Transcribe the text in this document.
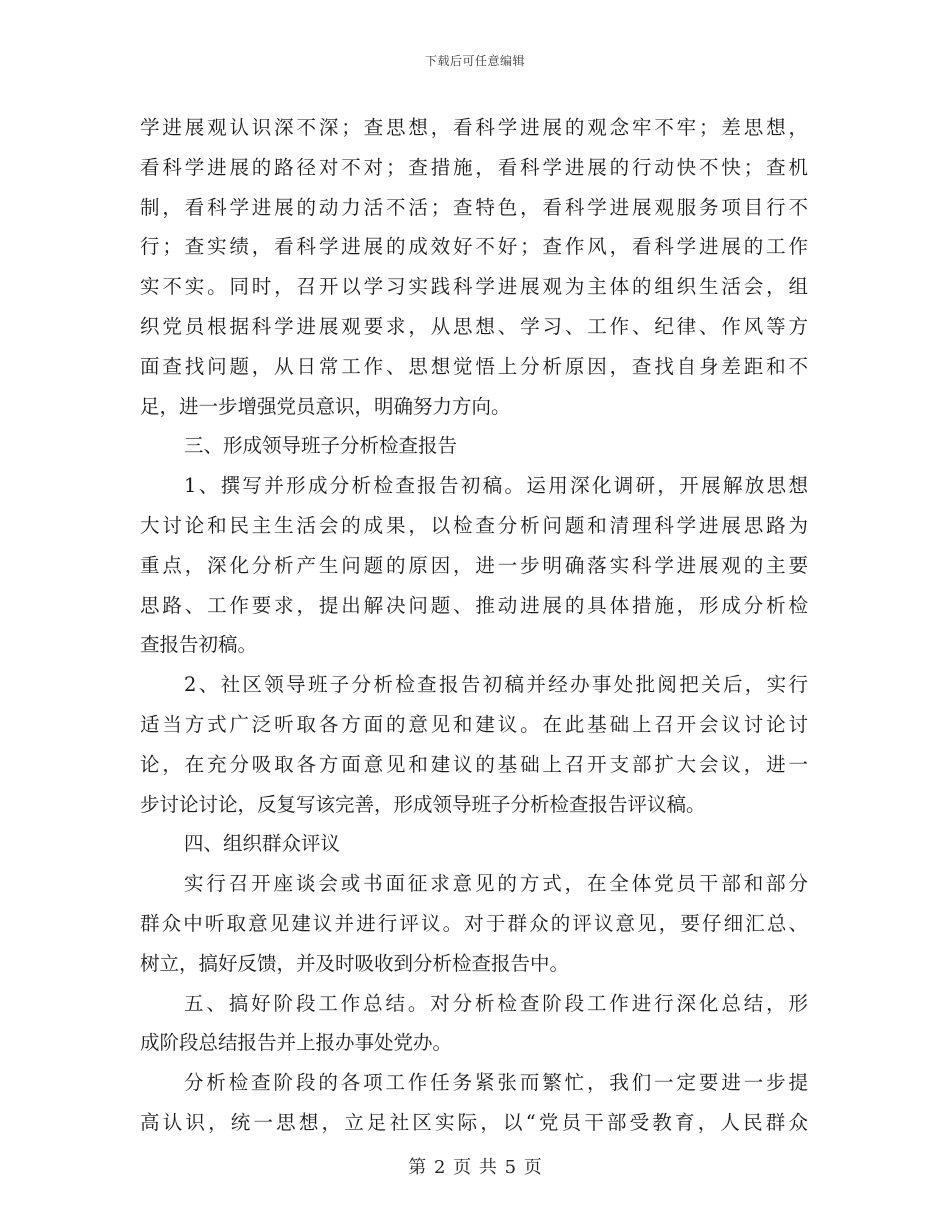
下载后可任意编辑
学进展观认识深不深；查思想，看科学进展的观念牢不牢；差思想，
看科学进展的路径对不对；查措施，看科学进展的行动快不快；查机
制，看科学进展的动力活不活；查特色，看科学进展观服务项目行不
行；查实绩，看科学进展的成效好不好；查作风，看科学进展的工作
实不实。同时，召开以学习实践科学进展观为主体的组织生活会，组
织党员根据科学进展观要求，从思想、学习、工作、纪律、作风等方
面查找问题，从日常工作、思想觉悟上分析原因，查找自身差距和不
足，进一步增强党员意识，明确努力方向。
三、形成领导班子分析检查报告
1、撰写并形成分析检查报告初稿。运用深化调研，开展解放思想
大讨论和民主生活会的成果，以检查分析问题和清理科学进展思路为
重点，深化分析产生问题的原因，进一步明确落实科学进展观的主要
思路、工作要求，提出解决问题、推动进展的具体措施，形成分析检
查报告初稿。
2、社区领导班子分析检查报告初稿并经办事处批阅把关后，实行
适当方式广泛听取各方面的意见和建议。在此基础上召开会议讨论讨
论，在充分吸取各方面意见和建议的基础上召开支部扩大会议，进一
步讨论讨论，反复写该完善，形成领导班子分析检查报告评议稿。
四、组织群众评议
实行召开座谈会或书面征求意见的方式，在全体党员干部和部分
群众中听取意见建议并进行评议。对于群众的评议意见，要仔细汇总、
树立，搞好反馈，并及时吸收到分析检查报告中。
五、搞好阶段工作总结。对分析检查阶段工作进行深化总结，形
成阶段总结报告并上报办事处党办。
分析检查阶段的各项工作任务紧张而繁忙，我们一定要进一步提
高认识，统一思想，立足社区实际，以“党员干部受教育，人民群众
第 2 页 共 5 页
